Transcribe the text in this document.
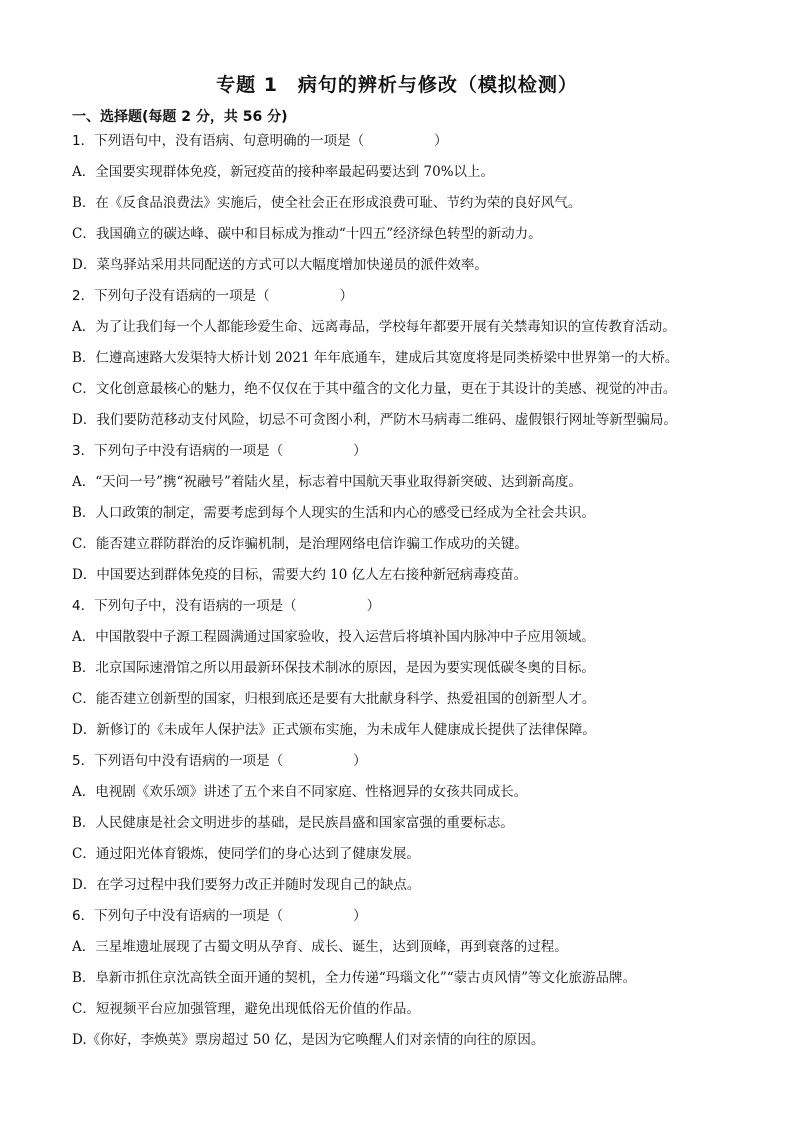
专题 1　病句的辨析与修改（模拟检测）
一、选择题(每题 2 分，共 56 分)
1．下列语句中，没有语病、句意明确的一项是（	）
A．全国要实现群体免疫，新冠疫苗的接种率最起码要达到 70%以上。
B．在《反食品浪费法》实施后，使全社会正在形成浪费可耻、节约为荣的良好风气。
C．我国确立的碳达峰、碳中和目标成为推动“十四五”经济绿色转型的新动力。
D．菜鸟驿站采用共同配送的方式可以大幅度增加快递员的派件效率。
2．下列句子没有语病的一项是（	）
A．为了让我们每一个人都能珍爱生命、远离毒品，学校每年都要开展有关禁毒知识的宣传教育活动。
B．仁遵高速路大发渠特大桥计划 2021 年年底通车，建成后其宽度将是同类桥梁中世界第一的大桥。
C．文化创意最核心的魅力，绝不仅仅在于其中蕴含的文化力量，更在于其设计的美感、视觉的冲击。
D．我们要防范移动支付风险，切忌不可贪图小利，严防木马病毒二维码、虚假银行网址等新型骗局。
3．下列句子中没有语病的一项是（	）
A．“天问一号”携“祝融号”着陆火星，标志着中国航天事业取得新突破、达到新高度。
B．人口政策的制定，需要考虑到每个人现实的生活和内心的感受已经成为全社会共识。
C．能否建立群防群治的反诈骗机制，是治理网络电信诈骗工作成功的关键。
D．中国要达到群体免疫的目标，需要大约 10 亿人左右接种新冠病毒疫苗。
4．下列句子中，没有语病的一项是（	）
A．中国散裂中子源工程圆满通过国家验收，投入运营后将填补国内脉冲中子应用领域。
B．北京国际速滑馆之所以用最新环保技术制冰的原因，是因为要实现低碳冬奥的目标。
C．能否建立创新型的国家，归根到底还是要有大批献身科学、热爱祖国的创新型人才。
D．新修订的《未成年人保护法》正式颁布实施，为未成年人健康成长提供了法律保障。
5．下列语句中没有语病的一项是（	）
A．电视剧《欢乐颂》讲述了五个来自不同家庭、性格迥异的女孩共同成长。
B．人民健康是社会文明进步的基础，是民族昌盛和国家富强的重要标志。
C．通过阳光体育锻炼，使同学们的身心达到了健康发展。
D．在学习过程中我们要努力改正并随时发现自己的缺点。
6．下列句子中没有语病的一项是（	）
A．三星堆遗址展现了古蜀文明从孕育、成长、诞生，达到顶峰，再到衰落的过程。
B．阜新市抓住京沈高铁全面开通的契机，全力传递“玛瑙文化”“蒙古贞风情”等文化旅游品牌。
C．短视频平台应加强管理，避免出现低俗无价值的作品。
D.《你好，李焕英》票房超过 50 亿，是因为它唤醒人们对亲情的向往的原因。
